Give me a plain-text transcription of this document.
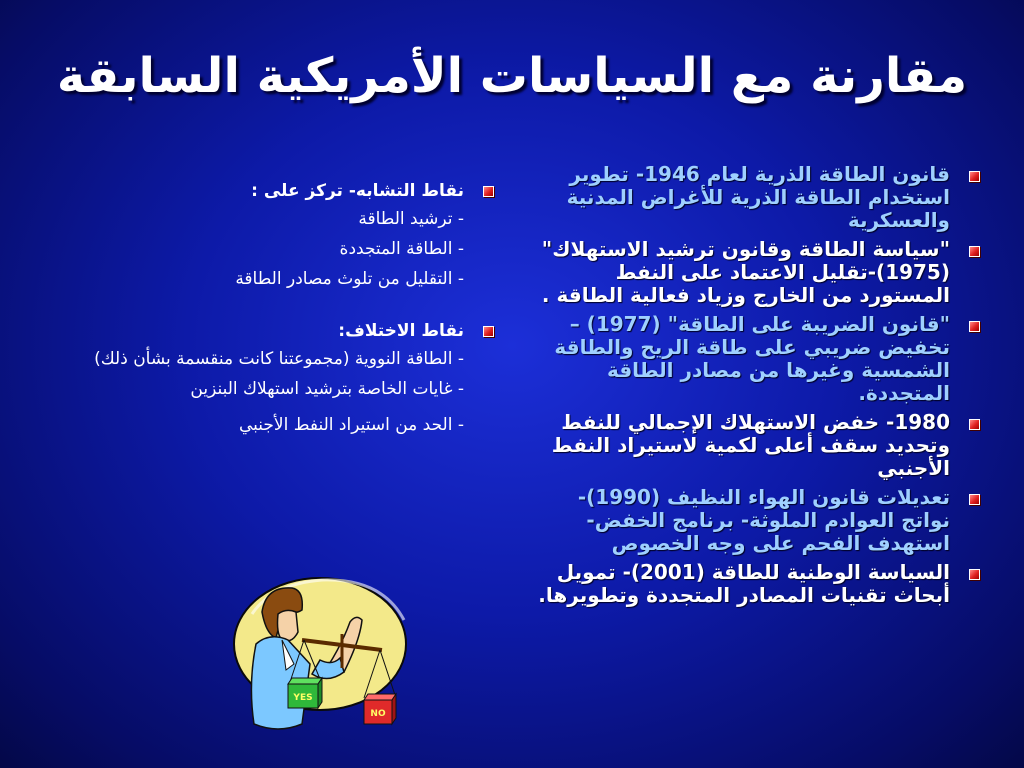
مقارنة مع السياسات الأمريكية السابقة
قانون الطاقة الذرية لعام 1946- تطوير استخدام الطاقة الذرية للأغراض المدنية والعسكرية
"سياسة الطاقة وقانون ترشيد الاستهلاك" (1975)-تقليل الاعتماد على النفط المستورد من الخارج وزياد فعالية الطاقة .
"قانون الضريبة على الطاقة" (1977) – تخفيض ضريبي على طاقة الريح والطاقة الشمسية وغيرها من مصادر الطاقة المتجددة.
1980- خفض الاستهلاك الإجمالي للنفط وتحديد سقف أعلى لكمية لاستيراد النفط الأجنبي
تعديلات قانون الهواء النظيف (1990)- نواتج العوادم الملوثة- برنامج الخفض-استهدف الفحم على وجه الخصوص
السياسة الوطنية للطاقة (2001)- تمويل أبحاث تقنيات المصادر المتجددة وتطويرها.
نقاط التشابه- تركز على :
- ترشيد الطاقة
- الطاقة المتجددة
- التقليل من تلوث مصادر الطاقة
نقاط الاختلاف:
- الطاقة النووية (مجموعتنا كانت منقسمة بشأن ذلك)
- غايات الخاصة بترشيد استهلاك البنزين
- الحد من استيراد النفط الأجنبي
YES
NO
